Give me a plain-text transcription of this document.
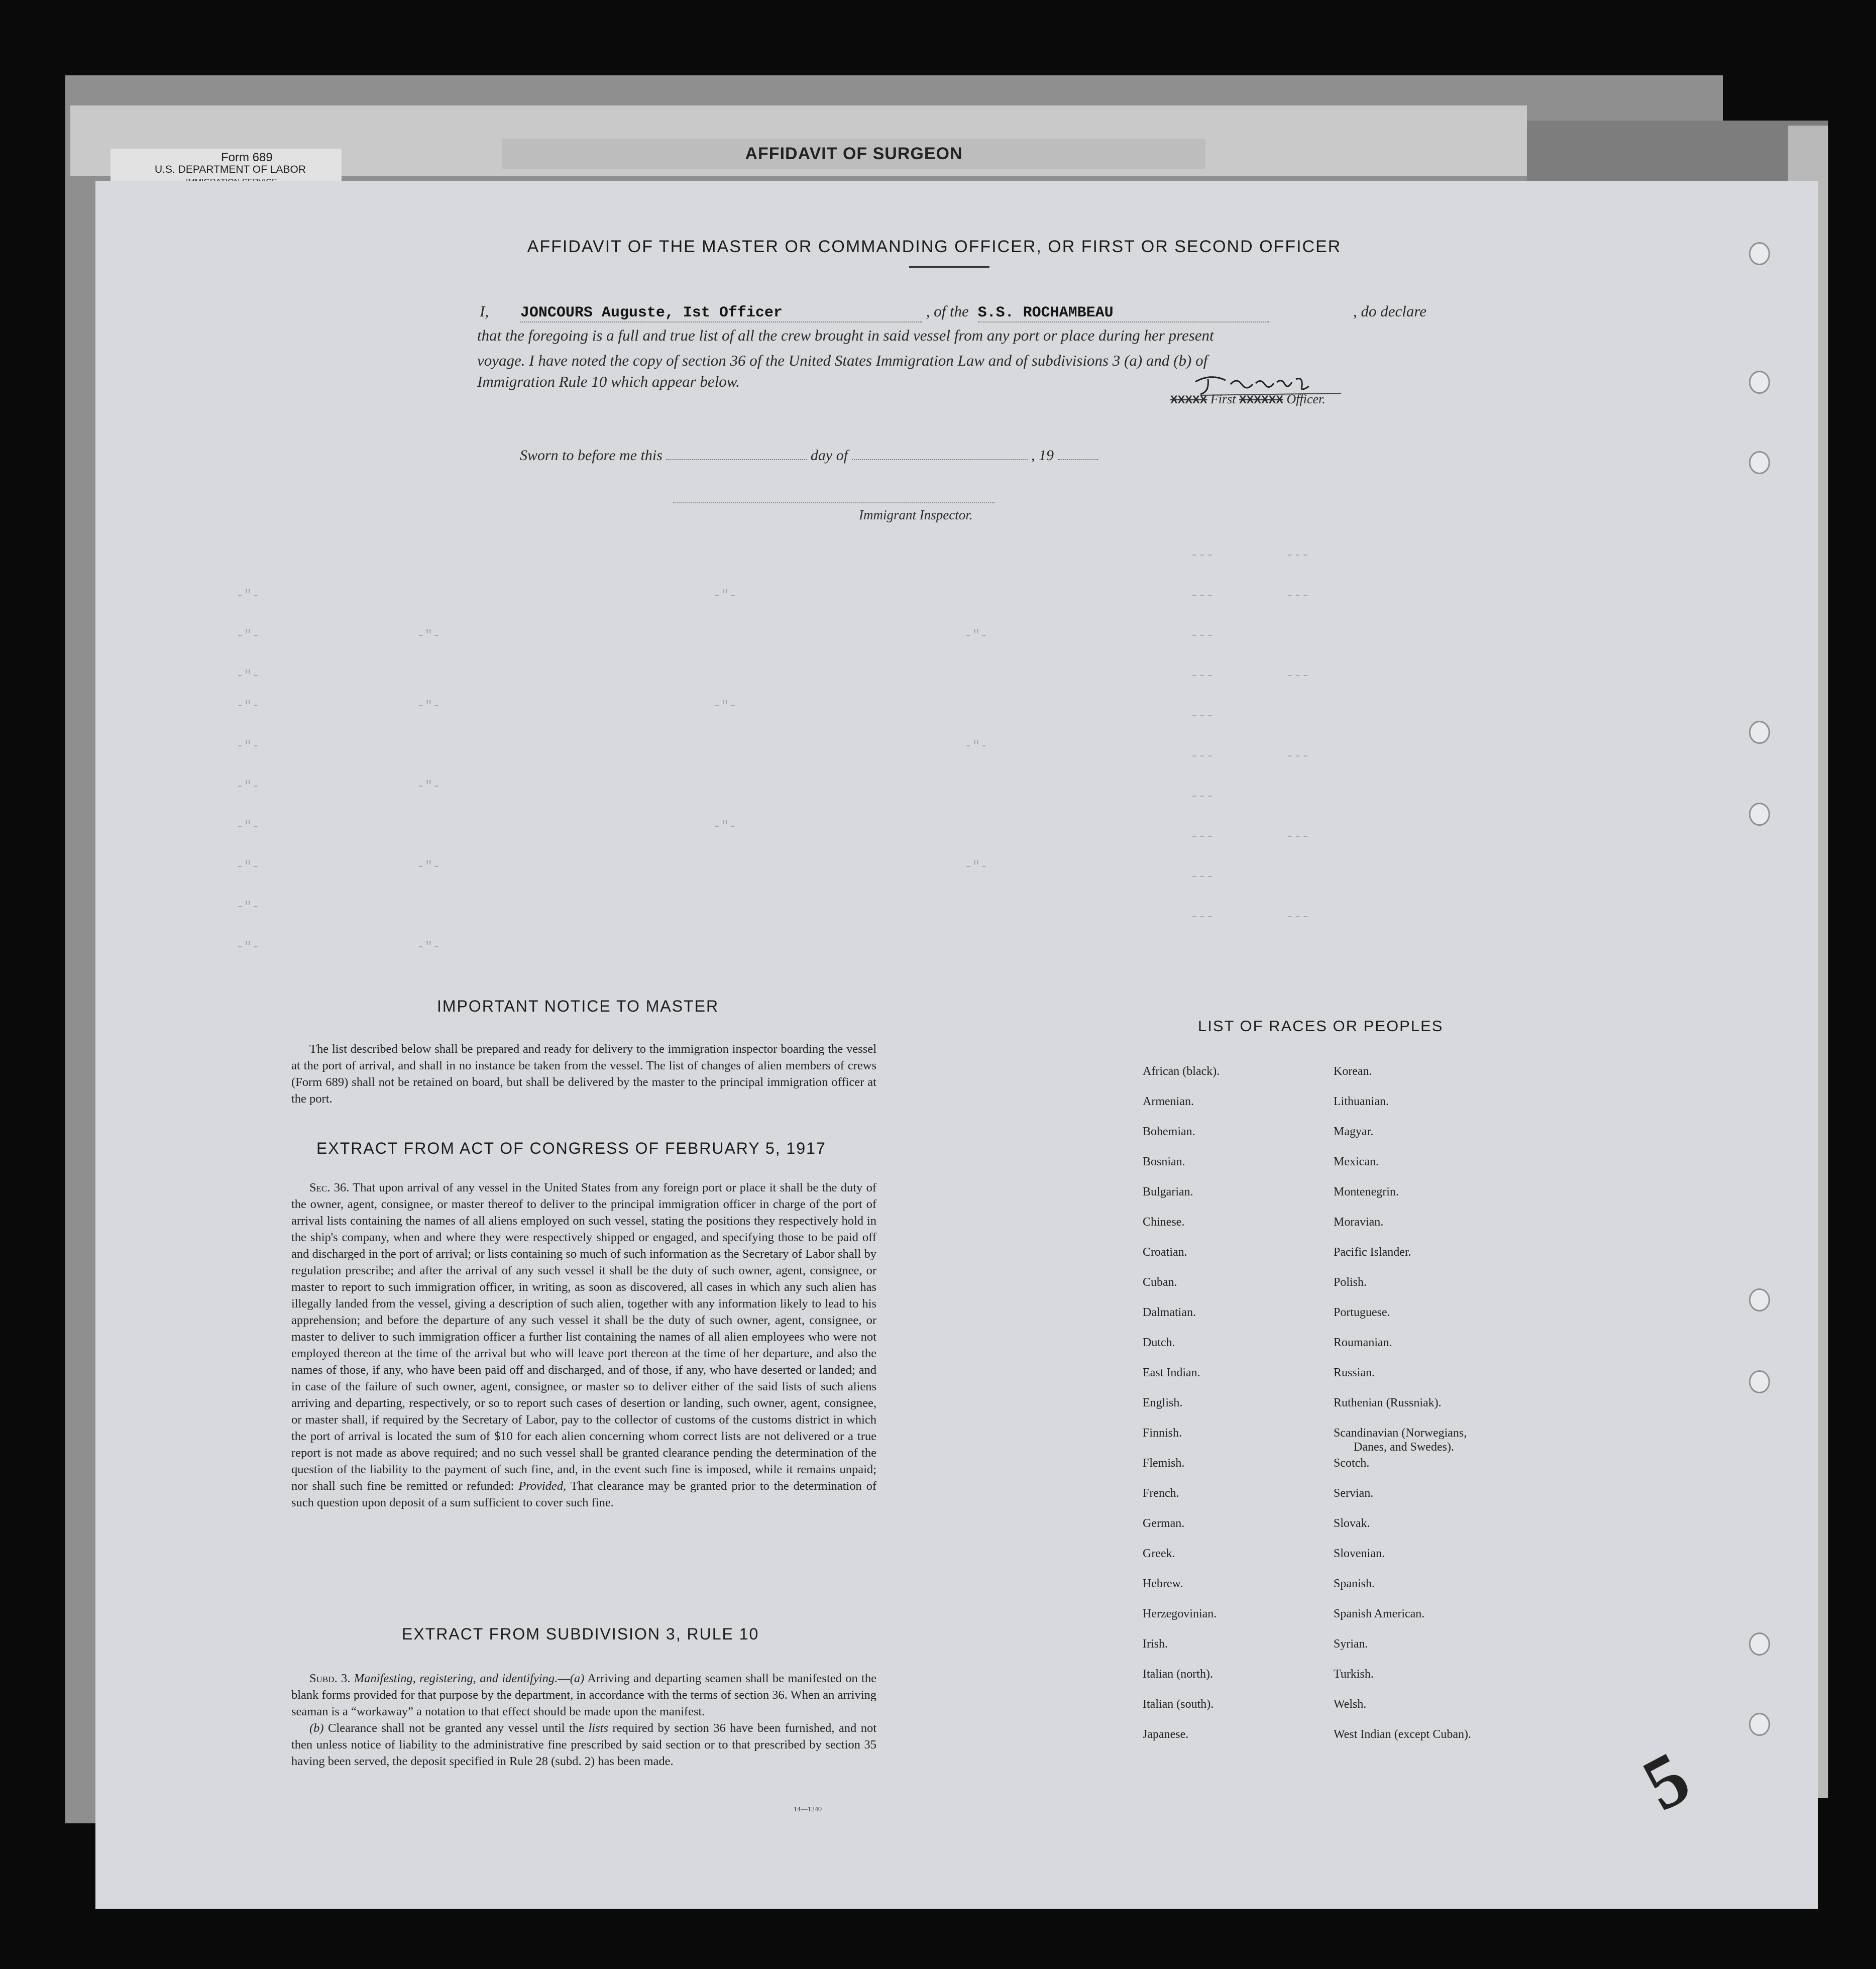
AFFIDAVIT OF SURGEON
Form 689
U.S. DEPARTMENT OF LABOR
-"-
-"-
-"-
-"-
-"-
-"-
-"-
-"-
-"-
-"-
-"-
-"-
-"-
-"-
-"-
-"-
-"-
-"-
-"-
-"-
-"-
---
---
---
---
---
---
---
---
---
---
---
---
---
---
---
---
AFFIDAVIT OF THE MASTER OR COMMANDING OFFICER, OR FIRST OR SECOND OFFICER
I, JONCOURS Auguste, Ist Officer	, of the S.S. ROCHAMBEAU	, do declare
that the foregoing is a full and true list of all the crew brought in said vessel from any port or place during her present
voyage. I have noted the copy of section 36 of the United States Immigration Law and of subdivisions 3 (a) and (b) of
Immigration Rule 10 which appear below.
XXXXX First XXXXXX Officer.
Sworn to before me this	day of	, 19
Immigrant Inspector.
IMPORTANT NOTICE TO MASTER

The list described below shall be prepared and ready for delivery to the immigration inspector boarding the vessel at the port of arrival, and shall in no instance be taken from the vessel. The list of changes of alien members of crews (Form 689) shall not be retained on board, but shall be delivered by the master to the principal immigration officer at the port.

EXTRACT FROM ACT OF CONGRESS OF FEBRUARY 5, 1917

Sec. 36. That upon arrival of any vessel in the United States from any foreign port or place it shall be the duty of the owner, agent, consignee, or master thereof to deliver to the principal immigration officer in charge of the port of arrival lists containing the names of all aliens employed on such vessel, stating the positions they respectively hold in the ship's company, when and where they were respectively shipped or engaged, and specifying those to be paid off and discharged in the port of arrival; or lists containing so much of such information as the Secretary of Labor shall by regulation prescribe; and after the arrival of any such vessel it shall be the duty of such owner, agent, consignee, or master to report to such immigration officer, in writing, as soon as discovered, all cases in which any such alien has illegally landed from the vessel, giving a description of such alien, together with any information likely to lead to his apprehension; and before the departure of any such vessel it shall be the duty of such owner, agent, consignee, or master to deliver to such immigration officer a further list containing the names of all alien employees who were not employed thereon at the time of the arrival but who will leave port thereon at the time of her departure, and also the names of those, if any, who have been paid off and discharged, and of those, if any, who have deserted or landed; and in case of the failure of such owner, agent, consignee, or master so to deliver either of the said lists of such aliens arriving and departing, respectively, or so to report such cases of desertion or landing, such owner, agent, consignee, or master shall, if required by the Secretary of Labor, pay to the collector of customs of the customs district in which the port of arrival is located the sum of $10 for each alien concerning whom correct lists are not delivered or a true report is not made as above required; and no such vessel shall be granted clearance pending the determination of the question of the liability to the payment of such fine, and, in the event such fine is imposed, while it remains unpaid; nor shall such fine be remitted or refunded: Provided, That clearance may be granted prior to the determination of such question upon deposit of a sum sufficient to cover such fine.

EXTRACT FROM SUBDIVISION 3, RULE 10

Subd. 3. Manifesting, registering, and identifying.—(a) Arriving and departing seamen shall be manifested on the blank forms provided for that purpose by the department, in accordance with the terms of section 36. When an arriving seaman is a “workaway” a notation to that effect should be made upon the manifest.

(b) Clearance shall not be granted any vessel until the lists required by section 36 have been furnished, and not then unless notice of liability to the administrative fine prescribed by said section or to that prescribed by section 35 having been served, the deposit specified in Rule 28 (subd. 2) has been made.

14—1240
LIST OF RACES OR PEOPLES
African (black).
Armenian.
Bohemian.
Bosnian.
Bulgarian.
Chinese.
Croatian.
Cuban.
Dalmatian.
Dutch.
East Indian.
English.
Finnish.
Flemish.
French.
German.
Greek.
Hebrew.
Herzegovinian.
Irish.
Italian (north).
Italian (south).
Japanese.
Korean.
Lithuanian.
Magyar.
Mexican.
Montenegrin.
Moravian.
Pacific Islander.
Polish.
Portuguese.
Roumanian.
Russian.
Ruthenian (Russniak).
Scandinavian (Norwegians,
Danes, and Swedes).
Scotch.
Servian.
Slovak.
Slovenian.
Spanish.
Spanish American.
Syrian.
Turkish.
Welsh.
West Indian (except Cuban).
5
